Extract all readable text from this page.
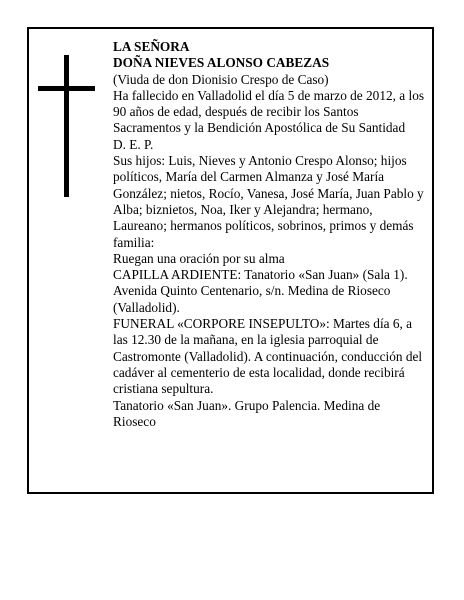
LA SEÑORA

DOÑA NIEVES ALONSO CABEZAS

(Viuda de don Dionisio Crespo de Caso)

Ha fallecido en Valladolid el día 5 de marzo de 2012, a los 90 años de edad, después de recibir los Santos Sacramentos y la Bendición Apostólica de Su Santidad

D. E. P.

Sus hijos: Luis, Nieves y Antonio Crespo Alonso; hijos políticos, María del Carmen Almanza y José María González; nietos, Rocío, Vanesa, José María, Juan Pablo y Alba; biznietos, Noa, Iker y Alejandra; hermano, Laureano; hermanos políticos, sobrinos, primos y demás familia:

Ruegan una oración por su alma

CAPILLA ARDIENTE: Tanatorio «San Juan» (Sala 1). Avenida Quinto Centenario, s/n. Medina de Rioseco (Valladolid).

FUNERAL «CORPORE INSEPULTO»: Martes día 6, a las 12.30 de la mañana, en la iglesia parroquial de Castromonte (Valladolid). A continuación, conducción del cadáver al cementerio de esta localidad, donde recibirá cristiana sepultura.

Tanatorio «San Juan». Grupo Palencia. Medina de Rioseco
